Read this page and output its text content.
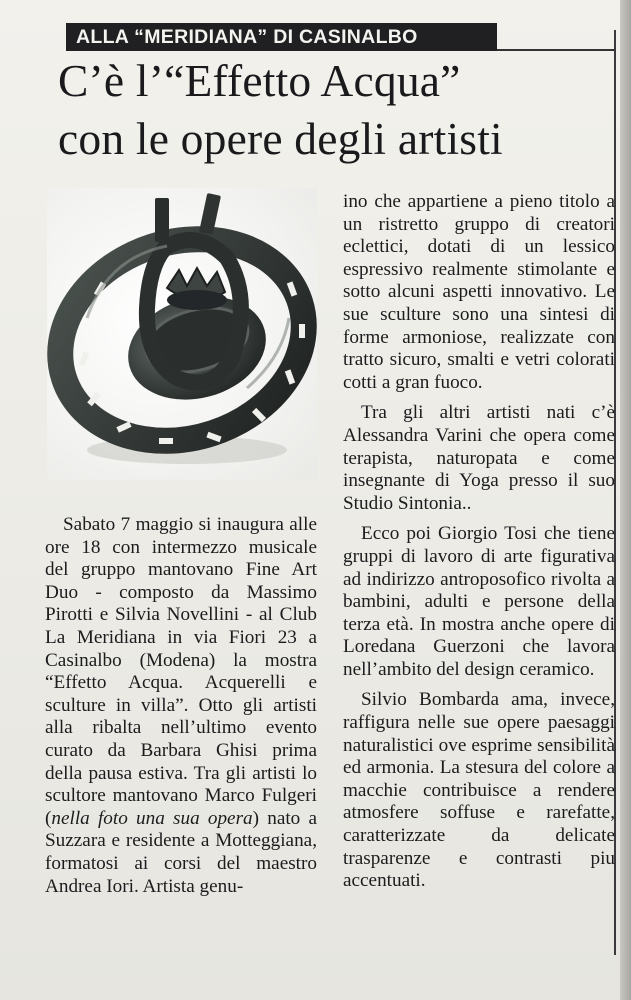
ALLA “MERIDIANA” DI CASINALBO
C’è l’“Effetto Acqua”
con le opere degli artisti

Sabato 7 maggio si inaugura alle ore 18 con intermezzo musicale del gruppo mantovano Fine Art Duo - composto da Massimo Pirotti e Silvia Novellini - al Club La Meridiana in via Fiori 23 a Casinalbo (Modena) la mostra “Effetto Acqua. Acquerelli e sculture in villa”. Otto gli artisti alla ribalta nell’ultimo evento curato da Barbara Ghisi prima della pausa estiva. Tra gli artisti lo scultore mantovano Marco Fulgeri (nella foto una sua opera) nato a Suzzara e residente a Motteggiana, formatosi ai corsi del maestro Andrea Iori. Artista genu-

ino che appartiene a pieno titolo a un ristretto gruppo di creatori eclettici, dotati di un lessico espressivo realmente stimolante e sotto alcuni aspetti innovativo. Le sue sculture sono una sintesi di forme armoniose, realizzate con tratto sicuro, smalti e vetri colorati cotti a gran fuoco.

Tra gli altri artisti nati c’è Alessandra Varini che opera come terapista, naturopata e come insegnante di Yoga presso il suo Studio Sintonia..

Ecco poi Giorgio Tosi che tiene gruppi di lavoro di arte figurativa ad indirizzo antroposofico rivolta a bambini, adulti e persone della terza età. In mostra anche opere di Loredana Guerzoni che lavora nell’ambito del design ceramico.

Silvio Bombarda ama, invece, raffigura nelle sue opere paesaggi naturalistici ove esprime sensibilità ed armonia. La stesura del colore a macchie contribuisce a rendere atmosfere soffuse e rarefatte, caratterizzate da delicate trasparenze e contrasti piu accentuati.
